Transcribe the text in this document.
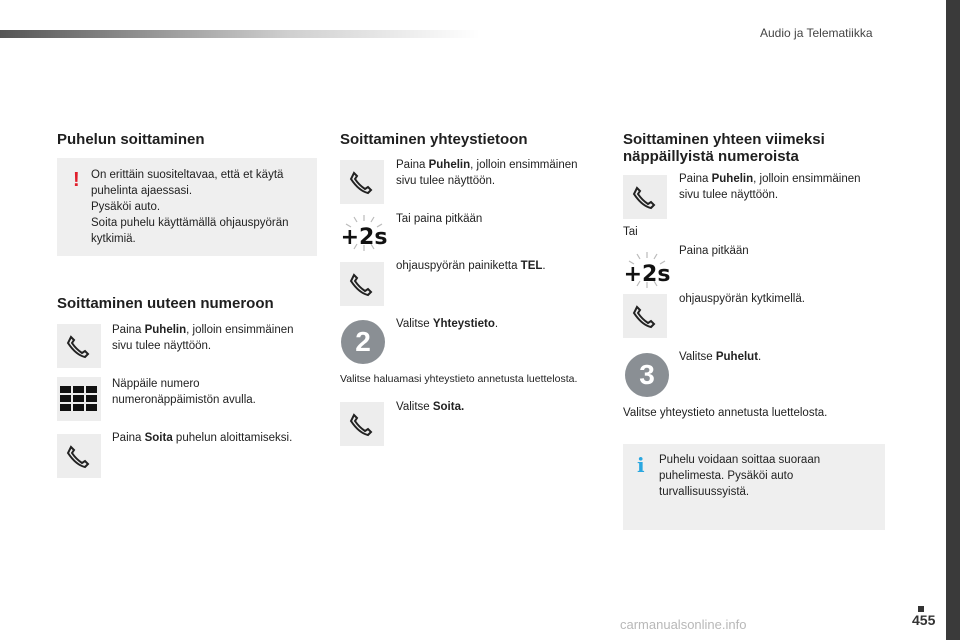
Audio ja Telematiikka
Puhelun soittaminen
! On erittäin suositeltavaa, että et käytä
puhelinta ajaessasi.
Pysäköi auto.
Soita puhelu käyttämällä ohjauspyörän
kytkimiä.
Soittaminen uuteen numeroon
Paina Puhelin, jolloin ensimmäinen
sivu tulee näyttöön.
Näppäile numero
numeronäppäimistön avulla.
Paina Soita puhelun aloittamiseksi.
Soittaminen yhteystietoon
Paina Puhelin, jolloin ensimmäinen
sivu tulee näyttöön.
Tai paina pitkään
+2s
ohjauspyörän painiketta TEL.
2
Valitse Yhteystieto.
Valitse haluamasi yhteystieto annetusta luettelosta.
Valitse Soita.
Soittaminen yhteen viimeksi
näppäillyistä numeroista
Paina Puhelin, jolloin ensimmäinen
sivu tulee näyttöön.
Tai
Paina pitkään
+2s
ohjauspyörän kytkimellä.
3
Valitse Puhelut.
Valitse yhteystieto annetusta luettelosta.
i Puhelu voidaan soittaa suoraan
puhelimesta. Pysäköi auto
turvallisuussyistä.
carmanualsonline.info	455
